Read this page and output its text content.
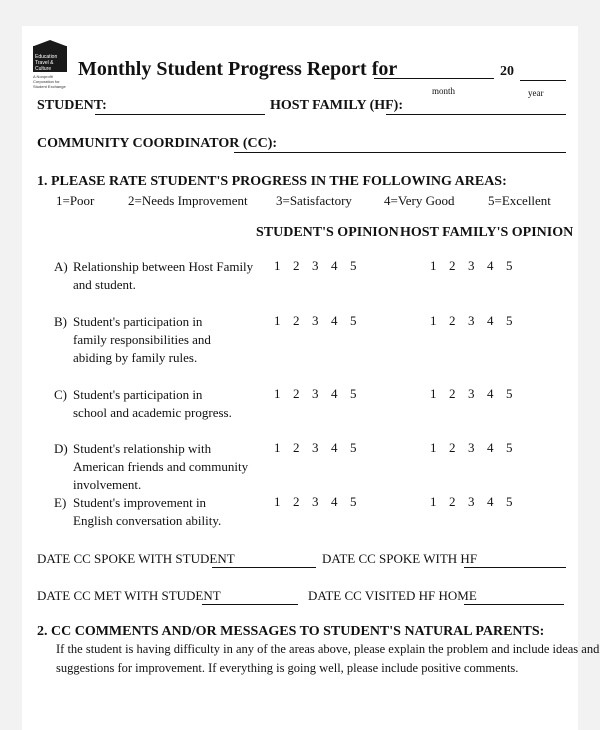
Education Travel & Culture
A Nonprofit Corporation for Student Exchange
Monthly Student Progress Report for	20
month	year
STUDENT:	HOST FAMILY (HF):
COMMUNITY COORDINATOR (CC):
1. PLEASE RATE STUDENT'S PROGRESS IN THE FOLLOWING AREAS:
1=Poor	2=Needs Improvement 3=Satisfactory 4=Very Good	5=Excellent
STUDENT'S OPINION HOST FAMILY'S OPINION
A) Relationship between Host Family and student.
1 2 3 4 5	1 2 3 4 5
B) Student's participation in family responsibilities and abiding by family rules.
1 2 3 4 5	1 2 3 4 5
C) Student's participation in school and academic progress.
1 2 3 4 5	1 2 3 4 5
D) Student's relationship with American friends and community involvement.
1 2 3 4 5	1 2 3 4 5
E) Student's improvement in English conversation ability.
1 2 3 4 5	1 2 3 4 5
DATE CC SPOKE WITH STUDENT	DATE CC SPOKE WITH HF
DATE CC MET WITH STUDENT	DATE CC VISITED HF HOME
2. CC COMMENTS AND/OR MESSAGES TO STUDENT'S NATURAL PARENTS:
If the student is having difficulty in any of the areas above, please explain the problem and include ideas and
suggestions for improvement. If everything is going well, please include positive comments.
